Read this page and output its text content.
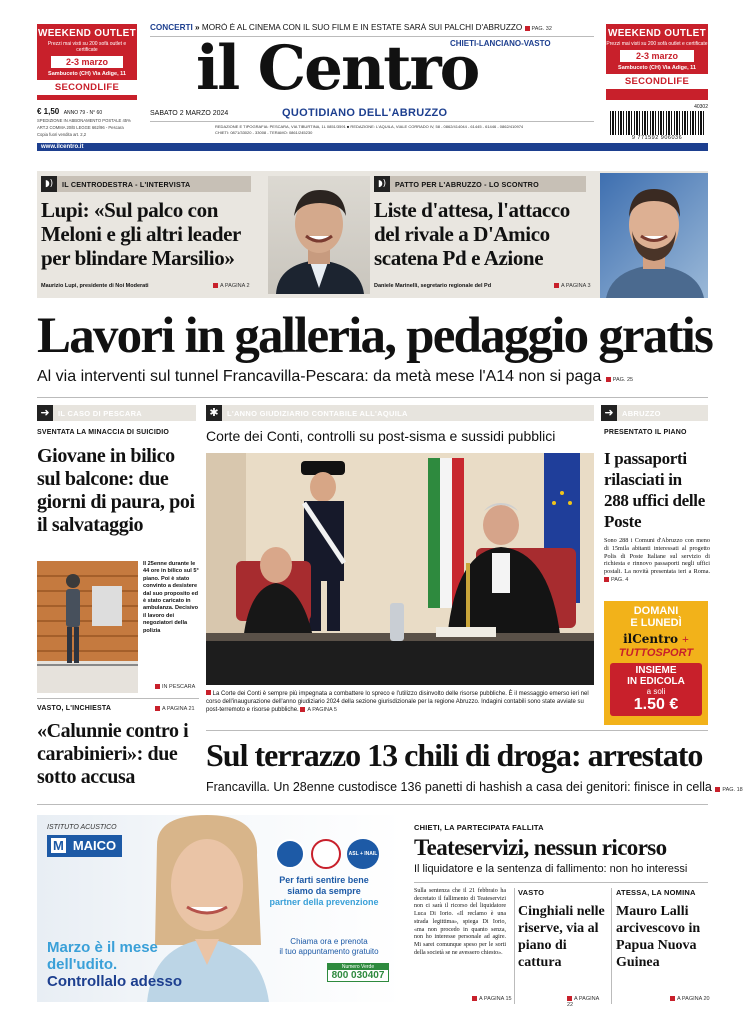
WEEKEND OUTLET
Prezzi mai visti su 200 sofà outlet e certificate
2-3 marzo
Sambuceto (CH) Via Adige, 11
SECONDLIFE
€ 1,50 ANNO 79 - N° 60
SPEDIZIONE IN ABBONAMENTO POSTALE 45%
ART.2 COMMA 20/B LEGGE 662/96 - Pescara
Copia fuori vendita art. 2,2
CONCERTI » MORÒ È AL CINEMA CON IL SUO FILM E IN ESTATE SARÀ SUI PALCHI D'ABRUZZO PAG. 32
il Centro
CHIETI-LANCIANO-VASTO
QUOTIDIANO DELL'ABRUZZO
SABATO 2 MARZO 2024
REDAZIONE E TIPOGRAFIA: PESCARA, VIA TIBURTINA, 1L 0851/3591 ■ REDAZIONE: L'AQUILA, VIALE CORRADO IV, 58 - 0862/414044 - 61445 - 61446 - 0862/410974
CHIETI: 0871/33020 - 33008 - TERAMO: 0861/245230
WEEKEND OUTLET
Prezzi mai visti su 200 sofà outlet e certificate
2-3 marzo
Sambuceto (CH) Via Adige, 11
SECONDLIFE
40302
9 771592 906036
www.ilcentro.it
◗)	IL CENTRODESTRA - L'INTERVISTA
Lupi: «Sul palco con Meloni e gli altri leader per blindare Marsilio»
Maurizio Lupi, presidente di Noi Moderati	A PAGINA 2
◗)	PATTO PER L'ABRUZZO - LO SCONTRO
Liste d'attesa, l'attacco del rivale a D'Amico scatena Pd e Azione
Daniele Marinelli, segretario regionale del Pd	A PAGINA 3
Lavori in galleria, pedaggio gratis
Al via interventi sul tunnel Francavilla-Pescara: da metà mese l'A14 non si paga PAG. 25
➜	IL CASO DI PESCARA
SVENTATA LA MINACCIA DI SUICIDIO
Giovane in bilico sul balcone: due giorni di paura, poi il salvataggio
Il 25enne durante le 44 ore in bilico sul 5° piano. Poi è stato convinto a desistere dal suo proposito ed è stato caricato in ambulanza. Decisivo il lavoro dei negoziatori della polizia
IN PESCARA
VASTO, L'INCHIESTA	A PAGINA 21
«Calunnie contro i carabinieri»: due sotto accusa
✱	L'ANNO GIUDIZIARIO CONTABILE ALL'AQUILA
Corte dei Conti, controlli su post-sisma e sussidi pubblici
La Corte dei Conti è sempre più impegnata a combattere lo spreco e l'utilizzo disinvolto delle risorse pubbliche. È il messaggio emerso ieri nel corso dell'inaugurazione dell'anno giudiziario 2024 della sezione giurisdizionale per la regione Abruzzo. Indagini contabili sono state avviate su post-terremoto e risorse pubbliche. A PAGINA 5
➜	ABRUZZO
PRESENTATO IL PIANO
I passaporti rilasciati in 288 uffici delle Poste
Sono 288 i Comuni d'Abruzzo con meno di 15mila abitanti interessati al progetto Polis di Poste Italiane sul servizio di richiesta e rinnovo passaporti negli uffici postali. La novità presentata ieri a Roma. PAG. 4
DOMANI
E LUNEDÌ
ilCentro +
TUTTOSPORT
INSIEME
IN EDICOLA
a soli
1.50 €
Sul terrazzo 13 chili di droga: arrestato
Francavilla. Un 28enne custodisce 136 panetti di hashish a casa dei genitori: finisce in cella PAG. 18
ISTITUTO ACUSTICO
M MAICO
ASL + INAIL
Per farti sentire bene
siamo da sempre
partner della prevenzione
Marzo è il mese
dell'udito.
Controllalo adesso
Chiama ora e prenota
il tuo appuntamento gratuito
Numero Verde
800 030407
CHIETI, LA PARTECIPATA FALLITA
Teateservizi, nessun ricorso
Il liquidatore e la sentenza di fallimento: non ho interessi
Sulla sentenza che il 21 febbraio ha decretato il fallimento di Teateservizi non ci sarà il ricorso del liquidatore Luca Di Iorio. «Il reclamo è una strada legittima», spiega Di Iorio, «ma non procedo in quanto senza, non ho interesse personale ad agire. Mi sarei comunque speso per le sorti della società se ne avessero chiesto».
A PAGINA 15
VASTO
Cinghiali nelle riserve, via al piano di cattura
A PAGINA 22
ATESSA, LA NOMINA
Mauro Lalli arcivescovo in Papua Nuova Guinea
A PAGINA 20
